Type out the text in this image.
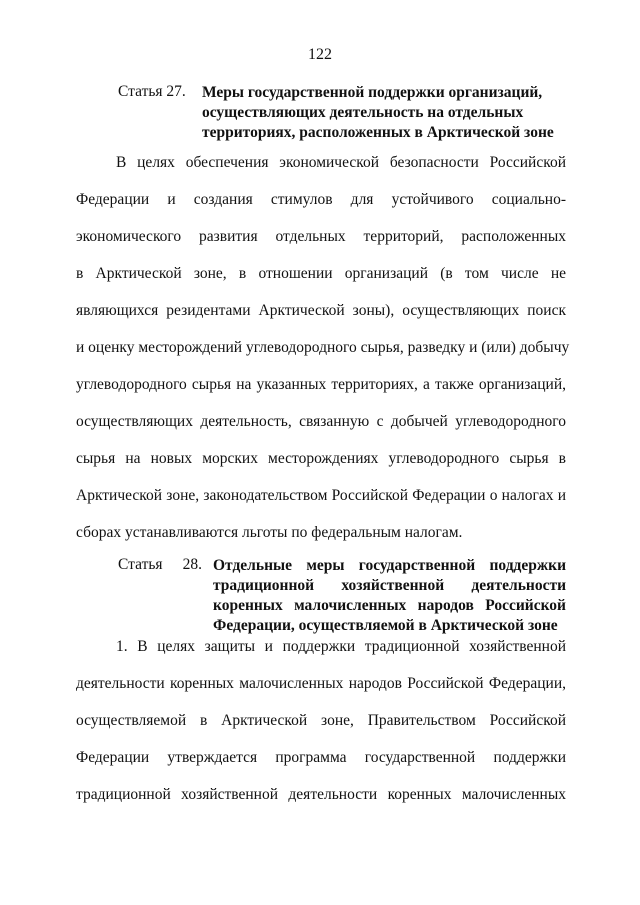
122
Статья 27. Меры государственной поддержки организаций,
осуществляющих деятельность на отдельных
территориях, расположенных в Арктической зоне
В целях обеспечения экономической безопасности Российской
Федерации и создания стимулов для устойчивого социально-
экономического развития отдельных территорий, расположенных
в Арктической зоне, в отношении организаций (в том числе не
являющихся резидентами Арктической зоны), осуществляющих поиск
и оценку месторождений углеводородного сырья, разведку и (или) добычу
углеводородного сырья на указанных территориях, а также организаций,
осуществляющих деятельность, связанную с добычей углеводородного
сырья на новых морских месторождениях углеводородного сырья в
Арктической зоне, законодательством Российской Федерации о налогах и
сборах устанавливаются льготы по федеральным налогам.
Статья 28. Отдельные меры государственной поддержки традиционной хозяйственной деятельности коренных малочисленных народов Российской Федерации, осуществляемой в Арктической зоне
1. В целях защиты и поддержки традиционной хозяйственной
деятельности коренных малочисленных народов Российской Федерации,
осуществляемой в Арктической зоне, Правительством Российской
Федерации утверждается программа государственной поддержки
традиционной хозяйственной деятельности коренных малочисленных
